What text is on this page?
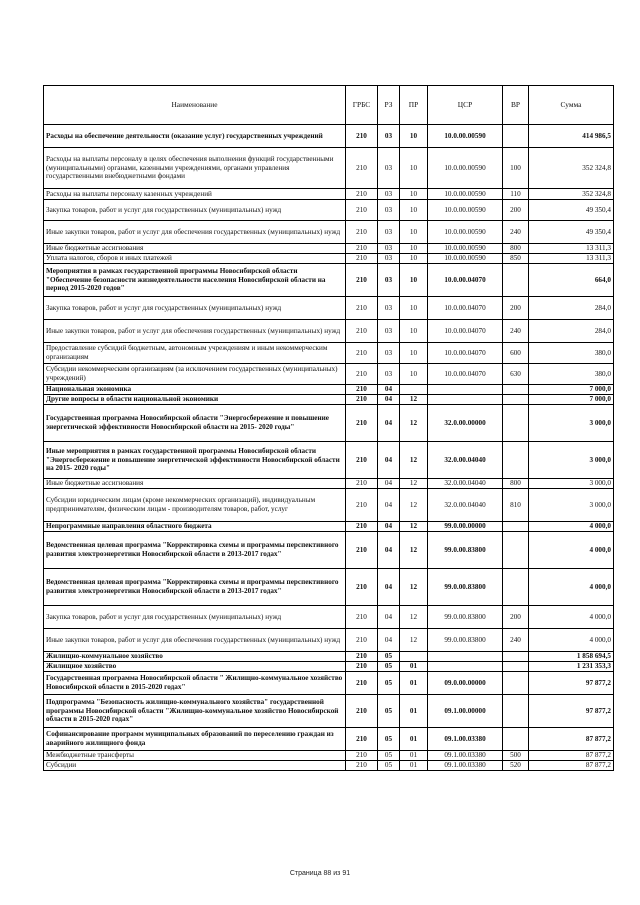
Наименование	ГРБС	РЗ	ПР	ЦСР	ВР	Сумма
Расходы на обеспечение деятельности (оказание услуг) государственных учреждений	210	03	10	10.0.00.00590		414 986,5
Расходы на выплаты персоналу в целях обеспечения выполнения функций государственными (муниципальными) органами, казенными учреждениями, органами управления государственными внебюджетными фондами	210	03	10	10.0.00.00590	100	352 324,8
Расходы на выплаты персоналу казенных учреждений	210	03	10	10.0.00.00590	110	352 324,8
Закупка товаров, работ и услуг для государственных (муниципальных) нужд	210	03	10	10.0.00.00590	200	49 350,4
Иные закупки товаров, работ и услуг для обеспечения государственных (муниципальных) нужд	210	03	10	10.0.00.00590	240	49 350,4
Иные бюджетные ассигнования	210	03	10	10.0.00.00590	800	13 311,3
Уплата налогов, сборов и иных платежей	210	03	10	10.0.00.00590	850	13 311,3
Мероприятия в рамках государственной программы Новосибирской области "Обеспечение безопасности жизнедеятельности населения Новосибирской области на период 2015-2020 годов"	210	03	10	10.0.00.04070		664,0
Закупка товаров, работ и услуг для государственных (муниципальных) нужд	210	03	10	10.0.00.04070	200	284,0
Иные закупки товаров, работ и услуг для обеспечения государственных (муниципальных) нужд	210	03	10	10.0.00.04070	240	284,0
Предоставление субсидий бюджетным, автономным учреждениям и иным некоммерческим организациям	210	03	10	10.0.00.04070	600	380,0
Субсидии некоммерческим организациям (за исключением государственных (муниципальных) учреждений)	210	03	10	10.0.00.04070	630	380,0
Национальная экономика	210	04				7 000,0
Другие вопросы в области национальной экономики	210	04	12			7 000,0
Государственная программа Новосибирской области "Энергосбережение и повышение энергетической эффективности Новосибирской области на 2015- 2020 годы"	210	04	12	32.0.00.00000		3 000,0
Иные мероприятия в рамках государственной программы Новосибирской области "Энергосбережение и повышение энергетической эффективности Новосибирской области на 2015- 2020 годы"	210	04	12	32.0.00.04040		3 000,0
Иные бюджетные ассигнования	210	04	12	32.0.00.04040	800	3 000,0
Субсидии юридическим лицам (кроме некоммерческих организаций), индивидуальным предпринимателям, физическим лицам - производителям товаров, работ, услуг	210	04	12	32.0.00.04040	810	3 000,0
Непрограммные направления областного бюджета	210	04	12	99.0.00.00000		4 000,0
Ведомственная целевая программа "Корректировка схемы и программы перспективного развития электроэнергетики Новосибирской области в 2013-2017 годах"	210	04	12	99.0.00.83800		4 000,0
Ведомственная целевая программа "Корректировка схемы и программы перспективного развития электроэнергетики Новосибирской области в 2013-2017 годах"	210	04	12	99.0.00.83800		4 000,0
Закупка товаров, работ и услуг для государственных (муниципальных) нужд	210	04	12	99.0.00.83800	200	4 000,0
Иные закупки товаров, работ и услуг для обеспечения государственных (муниципальных) нужд	210	04	12	99.0.00.83800	240	4 000,0
Жилищно-коммунальное хозяйство	210	05				1 858 694,5
Жилищное хозяйство	210	05	01			1 231 353,3
Государственная программа Новосибирской области " Жилищно-коммунальное хозяйство Новосибирской области в 2015-2020 годах"	210	05	01	09.0.00.00000		97 877,2
Подпрограмма "Безопасность жилищно-коммунального хозяйства" государственной программы Новосибирской области "Жилищно-коммунальное хозяйство Новосибирской области в 2015-2020 годах"	210	05	01	09.1.00.00000		97 877,2
Софинансирование программ муниципальных образований по переселению граждан из аварийного жилищного фонда	210	05	01	09.1.00.03380		87 877,2
Межбюджетные трансферты	210	05	01	09.1.00.03380	500	87 877,2
Субсидии	210	05	01	09.1.00.03380	520	87 877,2
Страница 88 из 91
